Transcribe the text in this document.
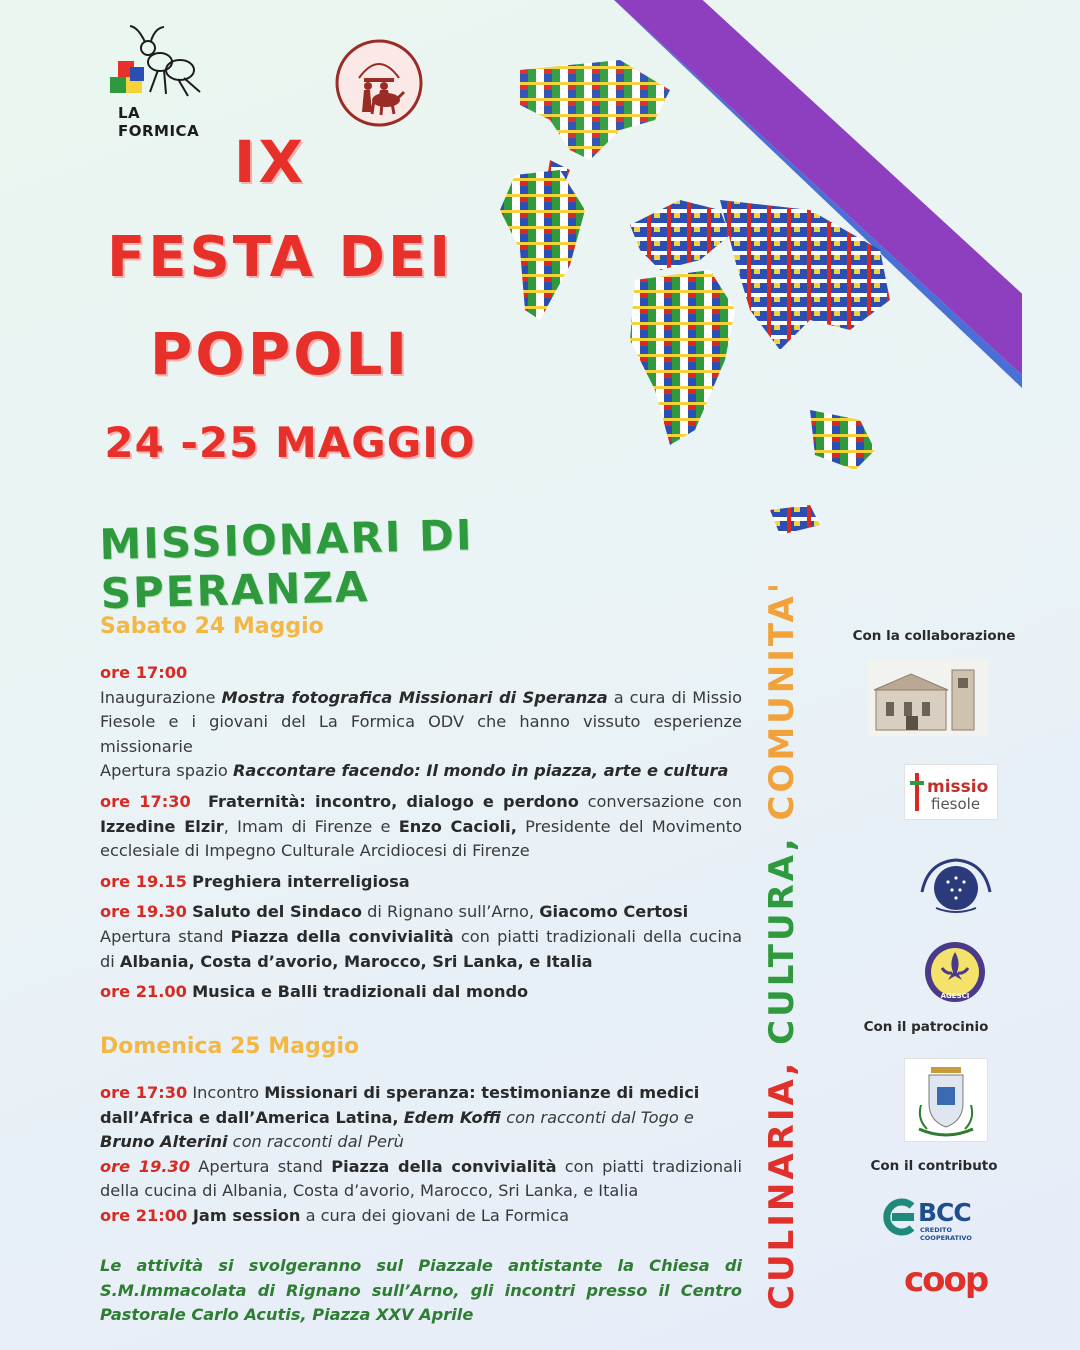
LA FORMICA IX
FESTA DEI
POPOLI
24 -25 MAGGIO
MISSIONARI DI SPERANZA
Sabato 24 Maggio
ore 17:00
Inaugurazione Mostra fotografica Missionari di Speranza a cura di Missio Fiesole e i giovani del La Formica ODV che hanno vissuto esperienze missionarie
Apertura spazio Raccontare facendo: Il mondo in piazza, arte e cultura
ore 17:30 Fraternità: incontro, dialogo e perdono conversazione con Izzedine Elzir, Imam di Firenze e Enzo Cacioli, Presidente del Movimento ecclesiale di Impegno Culturale Arcidiocesi di Firenze
ore 19.15 Preghiera interreligiosa
ore 19.30 Saluto del Sindaco di Rignano sull’Arno, Giacomo Certosi
Apertura stand Piazza della convivialità con piatti tradizionali della cucina di Albania, Costa d’avorio, Marocco, Sri Lanka, e Italia
ore 21.00 Musica e Balli tradizionali dal mondo
Domenica 25 Maggio
ore 17:30 Incontro Missionari di speranza: testimonianze di medici dall’Africa e dall’America Latina, Edem Koffi con racconti dal Togo e
Bruno Alterini con racconti dal Perù
ore 19.30 Apertura stand Piazza della convivialità con piatti tradizionali della cucina di Albania, Costa d’avorio, Marocco, Sri Lanka, e Italia
ore 21:00 Jam session a cura dei giovani de La Formica
Le attività si svolgeranno sul Piazzale antistante la Chiesa di S.M.Immacolata di Rignano sull’Arno, gli incontri presso il Centro Pastorale Carlo Acutis, Piazza XXV Aprile
CULINARIA, CULTURA, COMUNITA'	Con la collaborazione
missio
fiesole
AGESCI
Con il patrocinio
Con il contributo
BCC
CREDITO COOPERATIVO
coop
